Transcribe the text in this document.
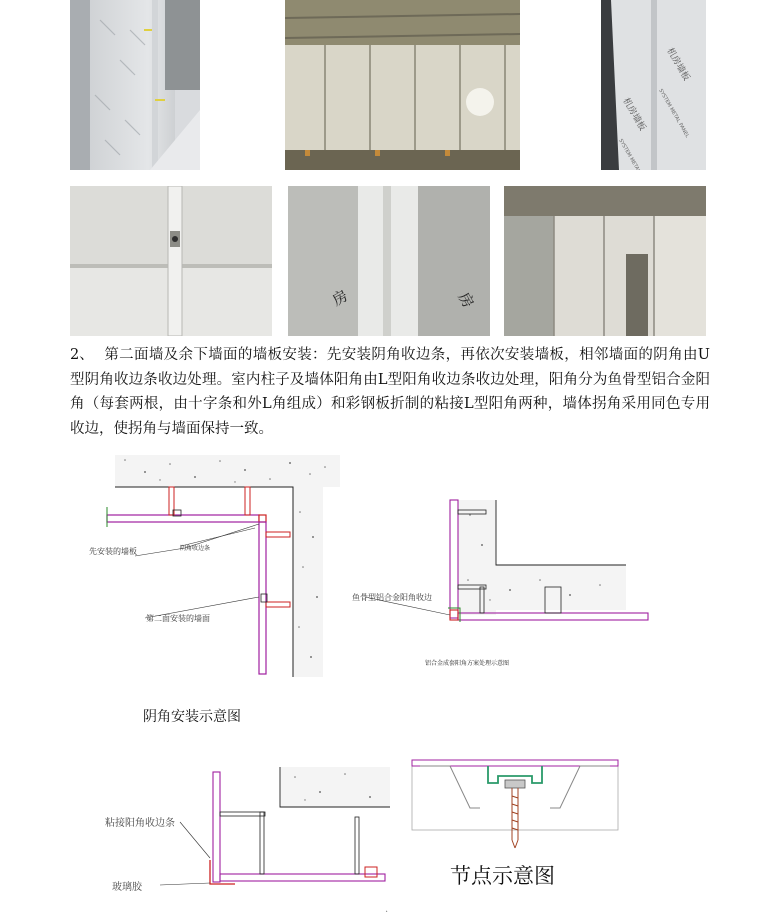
机房墙板
机房墙板	SYSTEM METAL PANEL
房	房
2、 第二面墙及余下墙面的墙板安装：先安装阴角收边条，再依次安装墙板，相邻墙面的阴角由U型阴角收边条收边处理。室内柱子及墙体阳角由L型阳角收边条收边处理，阳角分为鱼骨型铝合金阳角（每套两根，由十字条和外L角组成）和彩钢板折制的粘接L型阳角两种，墙体拐角采用同色专用收边，使拐角与墙面保持一致。
先安装的墙板	阴角收边条
第二面安装的墙面
鱼骨型铝合金阳角收边
铝合金成套阳角方案处理示意图
阴角安装示意图
粘接阳角收边条
玻璃胶	节点示意图
.
